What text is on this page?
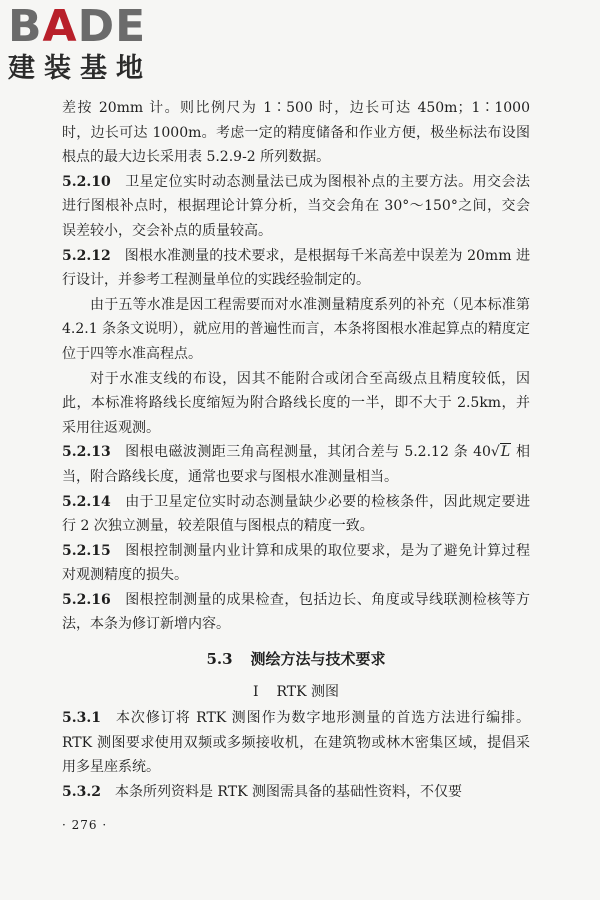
BADE
建装基地

差按 20mm 计。则比例尺为 1∶500 时，边长可达 450m；1∶1000 时，边长可达 1000m。考虑一定的精度储备和作业方便，极坐标法布设图根点的最大边长采用表 5.2.9-2 所列数据。

5.2.10 卫星定位实时动态测量法已成为图根补点的主要方法。用交会法进行图根补点时，根据理论计算分析，当交会角在 30°～150°之间，交会误差较小，交会补点的质量较高。

5.2.12 图根水准测量的技术要求，是根据每千米高差中误差为 20mm 进行设计，并参考工程测量单位的实践经验制定的。

由于五等水准是因工程需要而对水准测量精度系列的补充（见本标准第 4.2.1 条条文说明），就应用的普遍性而言，本条将图根水准起算点的精度定位于四等水准高程点。

对于水准支线的布设，因其不能附合或闭合至高级点且精度较低，因此，本标准将路线长度缩短为附合路线长度的一半，即不大于 2.5km，并采用往返观测。

5.2.13 图根电磁波测距三角高程测量，其闭合差与 5.2.12 条 40√L 相当，附合路线长度，通常也要求与图根水准测量相当。

5.2.14 由于卫星定位实时动态测量缺少必要的检核条件，因此规定要进行 2 次独立测量，较差限值与图根点的精度一致。

5.2.15 图根控制测量内业计算和成果的取位要求，是为了避免计算过程对观测精度的损失。

5.2.16 图根控制测量的成果检查，包括边长、角度或导线联测检核等方法，本条为修订新增内容。

5.3 测绘方法与技术要求

Ⅰ RTK 测图

5.3.1 本次修订将 RTK 测图作为数字地形测量的首选方法进行编排。RTK 测图要求使用双频或多频接收机，在建筑物或林木密集区域，提倡采用多星座系统。

5.3.2 本条所列资料是 RTK 测图需具备的基础性资料，不仅要

· 276 ·
